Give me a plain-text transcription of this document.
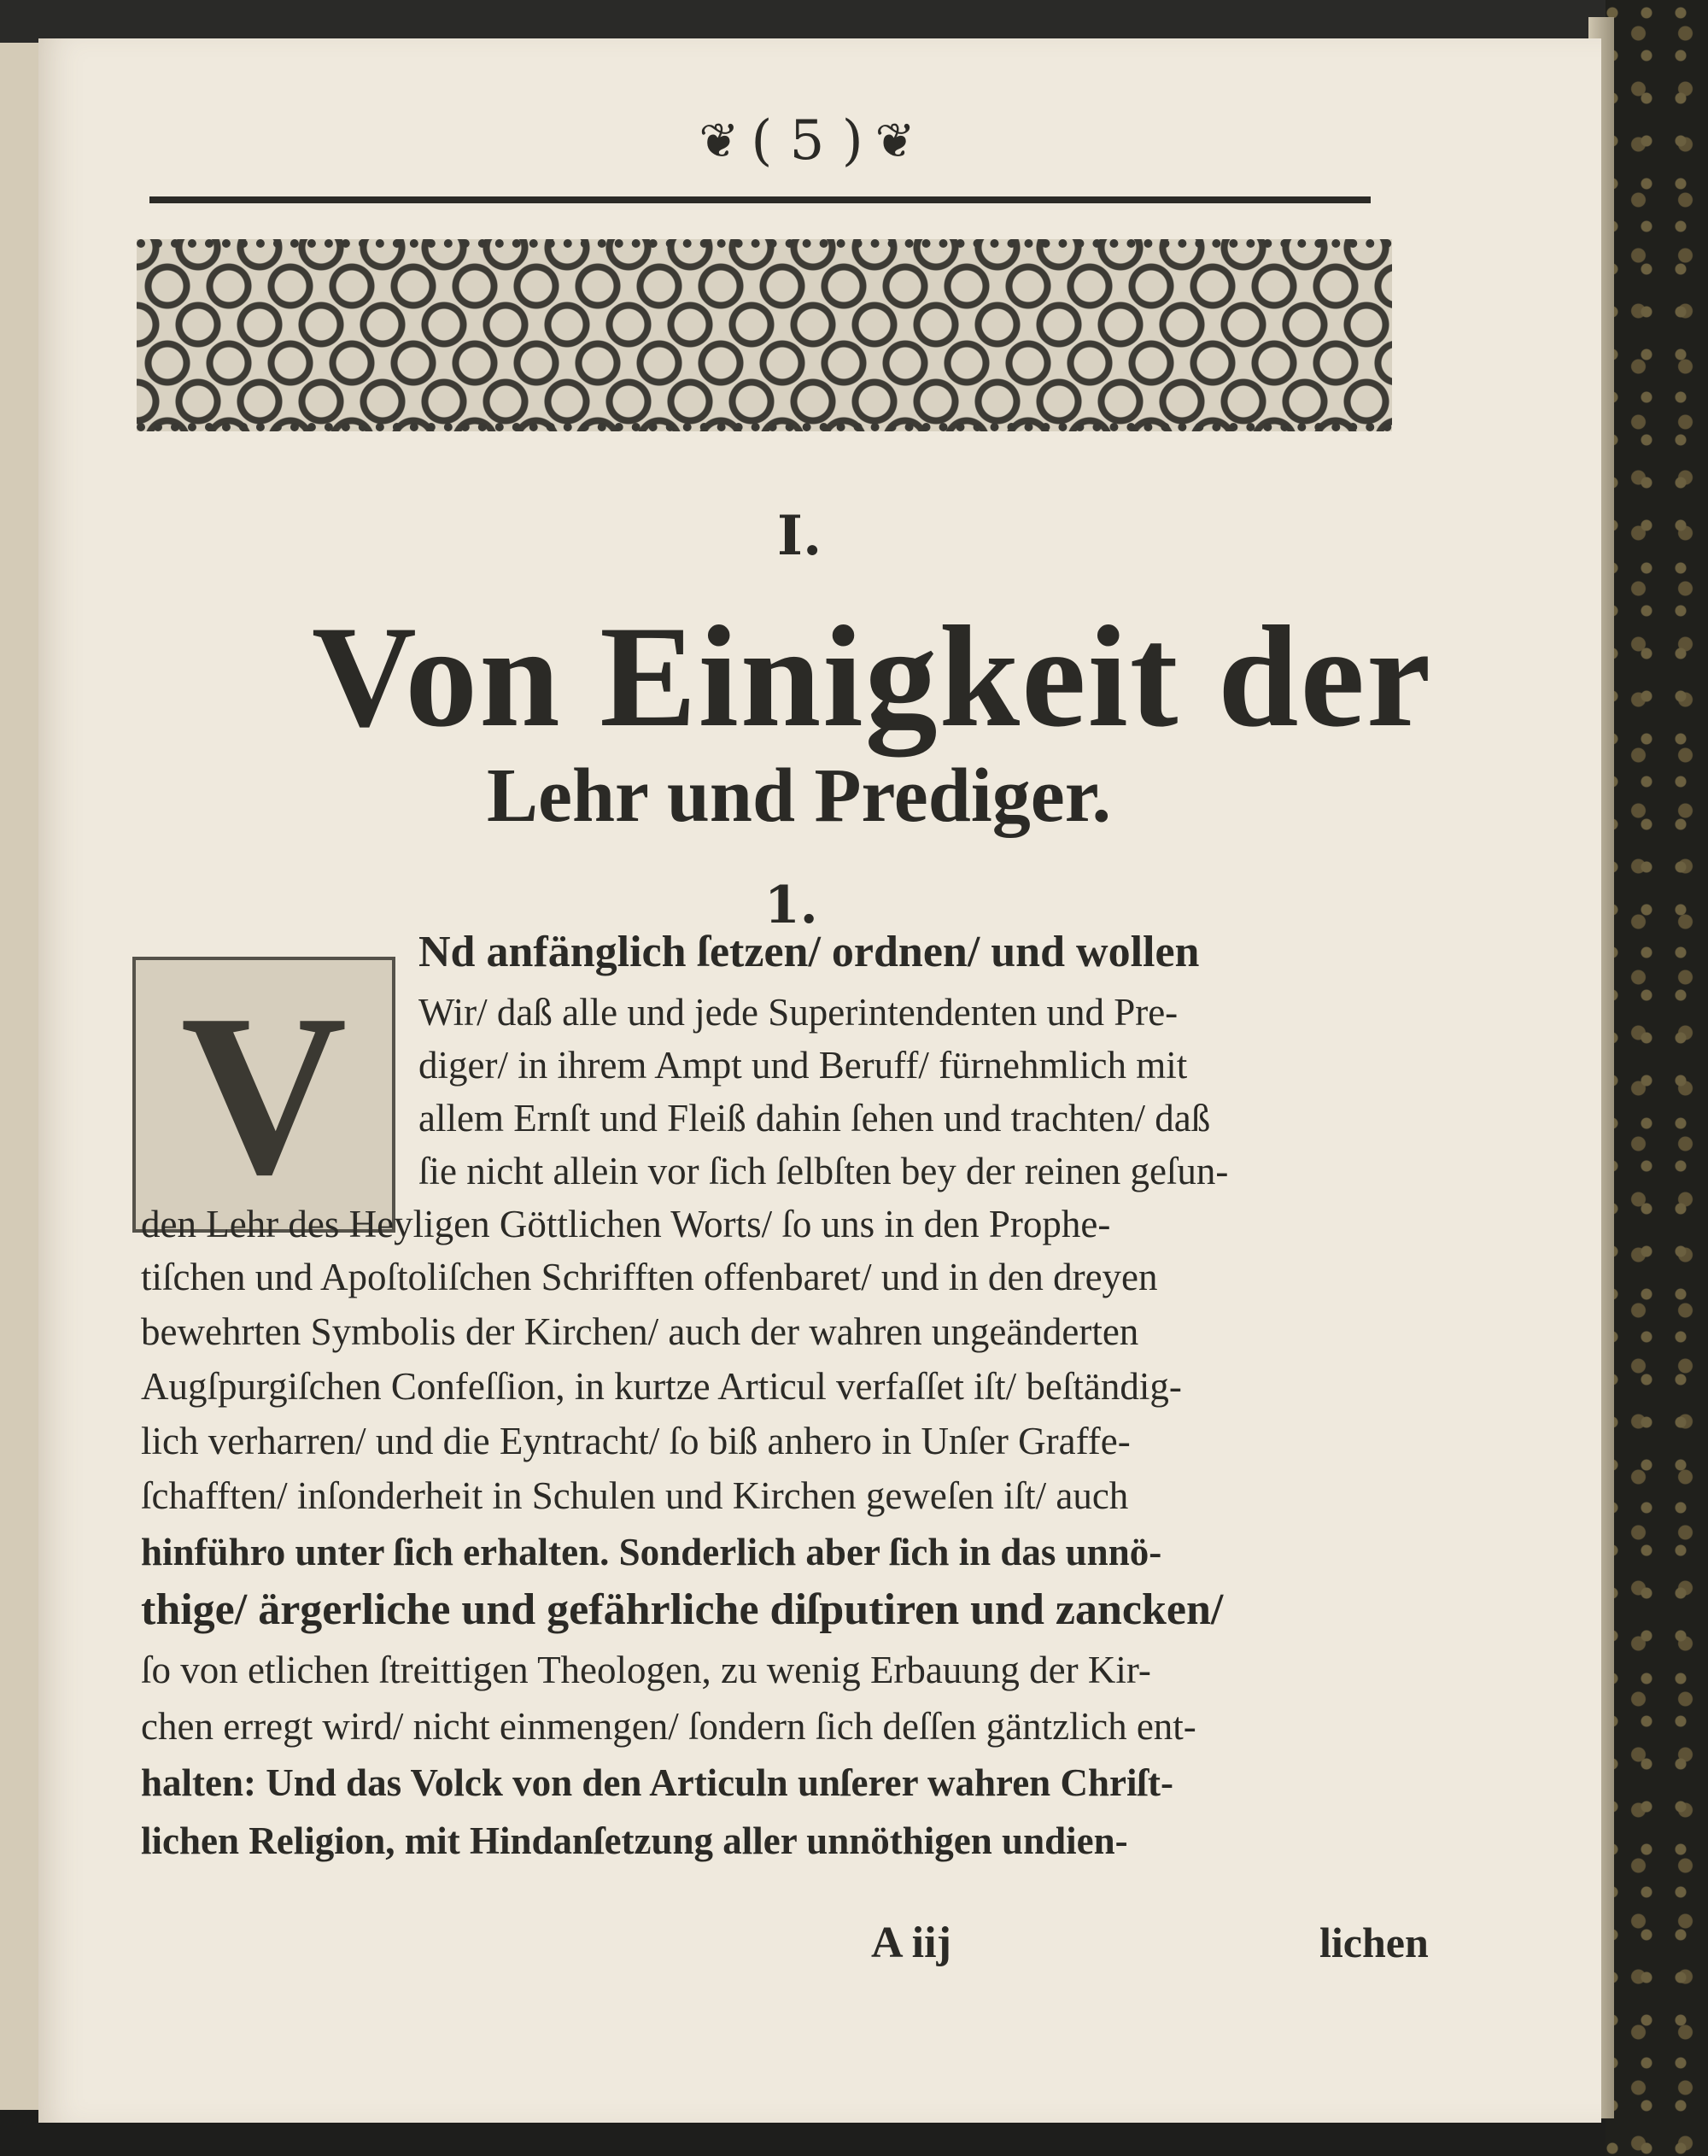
❦ ( 5 ) ❦
I.
Von Einigkeit der
Lehr und Prediger.
1.
V
Nd anfänglich ſetzen/ ordnen/ und wollen
Wir/ daß alle und jede Superintendenten und Pre-
diger/ in ihrem Ampt und Beruff/ fürnehmlich mit
allem Ernſt und Fleiß dahin ſehen und trachten/ daß
ſie nicht allein vor ſich ſelbſten bey der reinen geſun-
den Lehr des Heyligen Göttlichen Worts/ ſo uns in den Prophe-
tiſchen und Apoſtoliſchen Schrifften offenbaret/ und in den dreyen
bewehrten Symbolis der Kirchen/ auch der wahren ungeänderten
Augſpurgiſchen Confeſſion, in kurtze Articul verfaſſet iſt/ beſtändig-
lich verharren/ und die Eyntracht/ ſo biß anhero in Unſer Graffe-
ſchafften/ inſonderheit in Schulen und Kirchen geweſen iſt/ auch
hinführo unter ſich erhalten. Sonderlich aber ſich in das unnö-
thige/ ärgerliche und gefährliche diſputiren und zancken/
ſo von etlichen ſtreittigen Theologen, zu wenig Erbauung der Kir-
chen erregt wird/ nicht einmengen/ ſondern ſich deſſen gäntzlich ent-
halten: Und das Volck von den Articuln unſerer wahren Chriſt-
lichen Religion, mit Hindanſetzung aller unnöthigen undien-
A iij	lichen
